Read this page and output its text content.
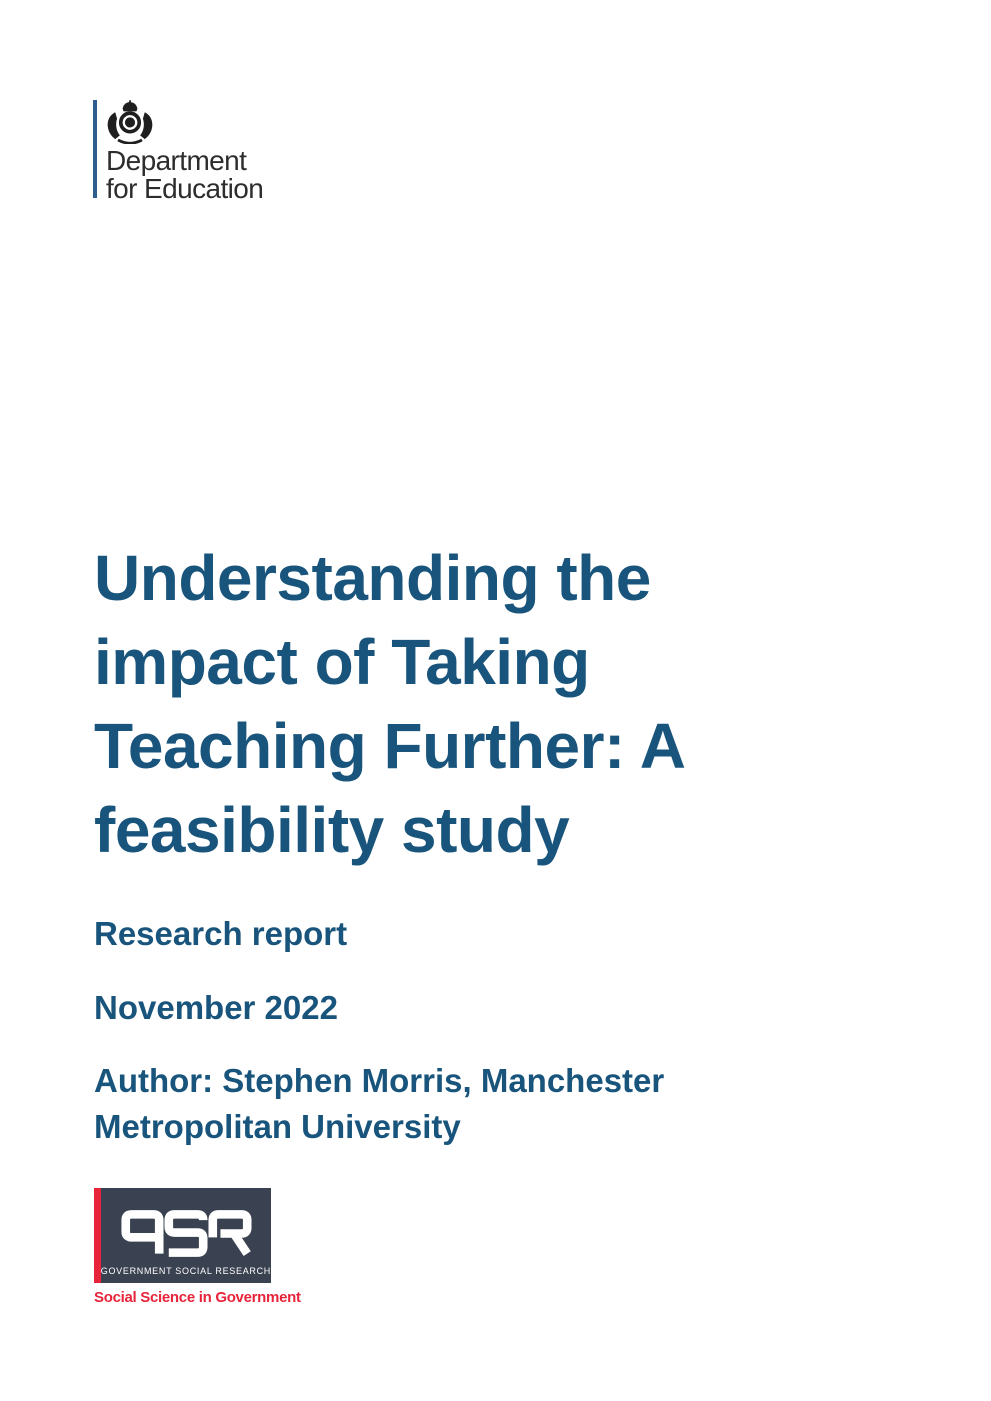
Department
for Education
Understanding the
impact of Taking
Teaching Further: A
feasibility study
Research report
November 2022
Author: Stephen Morris, Manchester
Metropolitan University
GOVERNMENT SOCIAL RESEARCH
Social Science in Government
